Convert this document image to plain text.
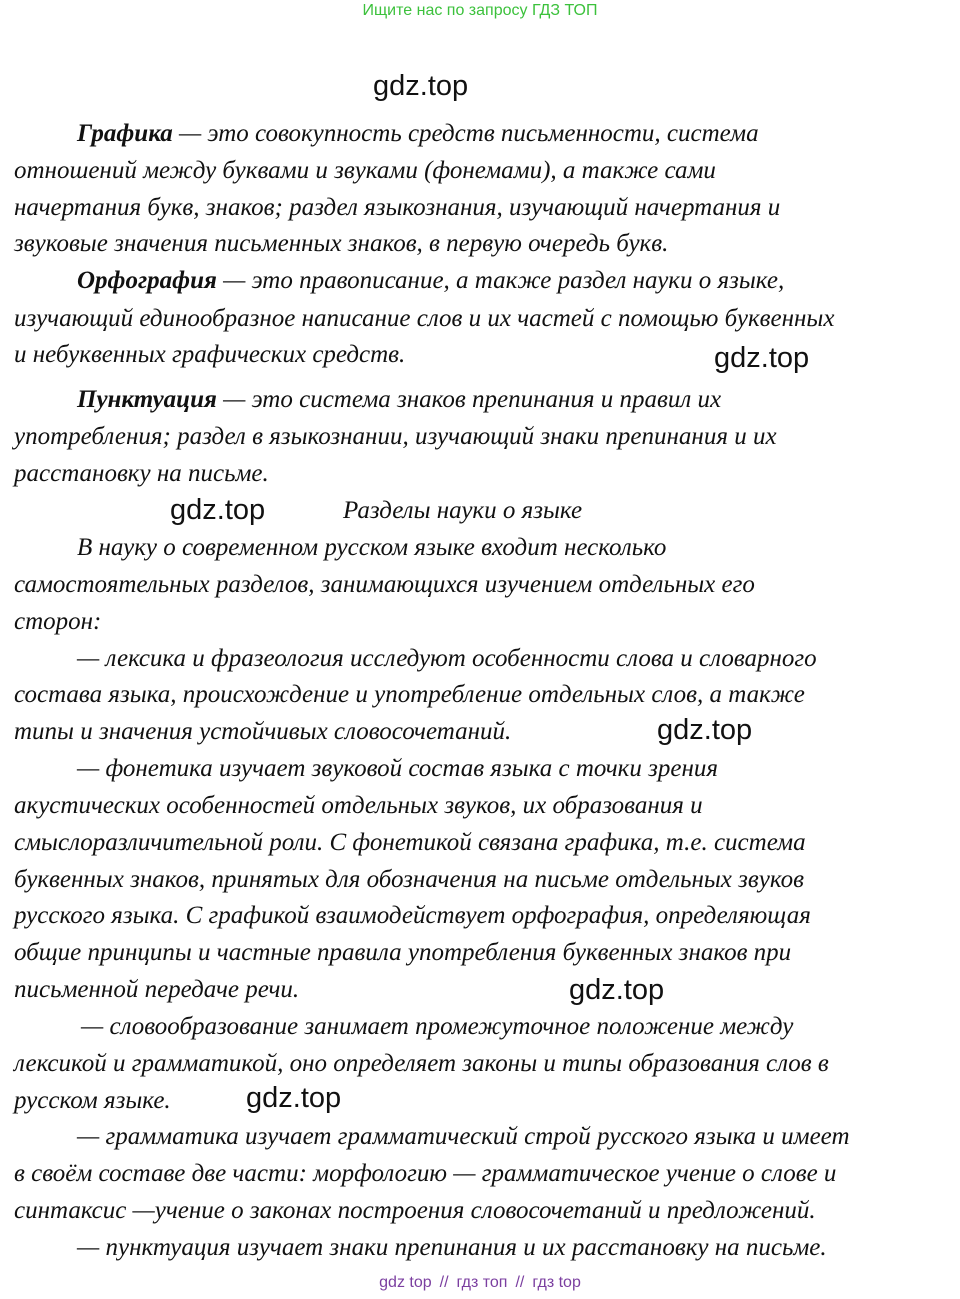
Ищите нас по запросу ГДЗ ТОП
gdz.top
Графика — это совокупность средств письменности, система
отношений между буквами и звуками (фонемами), а также сами
начертания букв, знаков; раздел языкознания, изучающий начертания и
звуковые значения письменных знаков, в первую очередь букв.
Орфография — это правописание, а также раздел науки о языке,
изучающий единообразное написание слов и их частей с помощью буквенных
и небуквенных графических средств.	gdz.top
Пунктуация — это система знаков препинания и правил их
употребления; раздел в языкознании, изучающий знаки препинания и их
расстановку на письме.
gdz.top	Разделы науки о языке
В науку о современном русском языке входит несколько
самостоятельных разделов, занимающихся изучением отдельных его
сторон:
— лексика и фразеология исследуют особенности слова и словарного
состава языка, происхождение и употребление отдельных слов, а также
типы и значения устойчивых словосочетаний.	gdz.top
— фонетика изучает звуковой состав языка с точки зрения
акустических особенностей отдельных звуков, их образования и
смыслоразличительной роли. С фонетикой связана графика, т.е. система
буквенных знаков, принятых для обозначения на письме отдельных звуков
русского языка. С графикой взаимодействует орфография, определяющая
общие принципы и частные правила употребления буквенных знаков при
письменной передаче речи.	gdz.top
— словообразование занимает промежуточное положение между
лексикой и грамматикой, оно определяет законы и типы образования слов в
русском языке.	gdz.top
— грамматика изучает грамматический строй русского языка и имеет
в своём составе две части: морфологию — грамматическое учение о слове и
синтаксис —учение о законах построения словосочетаний и предложений.
— пунктуация изучает знаки препинания и их расстановку на письме.
gdz top // гдз топ // гдз top
